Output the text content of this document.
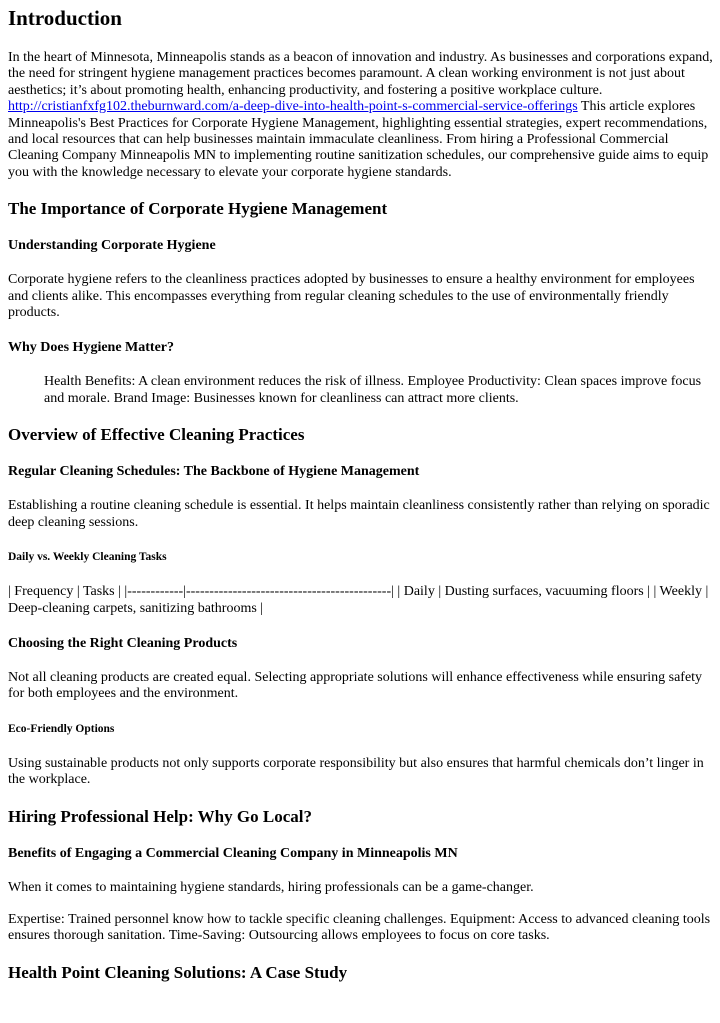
Introduction

In the heart of Minnesota, Minneapolis stands as a beacon of innovation and industry. As businesses and corporations expand, the need for stringent hygiene management practices becomes paramount. A clean working environment is not just about aesthetics; it’s about promoting health, enhancing productivity, and fostering a positive workplace culture. http://cristianfxfg102.theburnward.com/a-deep-dive-into-health-point-s-commercial-service-offerings This article explores Minneapolis's Best Practices for Corporate Hygiene Management, highlighting essential strategies, expert recommendations, and local resources that can help businesses maintain immaculate cleanliness. From hiring a Professional Commercial Cleaning Company Minneapolis MN to implementing routine sanitization schedules, our comprehensive guide aims to equip you with the knowledge necessary to elevate your corporate hygiene standards.

The Importance of Corporate Hygiene Management
Understanding Corporate Hygiene

Corporate hygiene refers to the cleanliness practices adopted by businesses to ensure a healthy environment for employees and clients alike. This encompasses everything from regular cleaning schedules to the use of environmentally friendly products.

Why Does Hygiene Matter?
Health Benefits: A clean environment reduces the risk of illness. Employee Productivity: Clean spaces improve focus and morale. Brand Image: Businesses known for cleanliness can attract more clients.
Overview of Effective Cleaning Practices
Regular Cleaning Schedules: The Backbone of Hygiene Management

Establishing a routine cleaning schedule is essential. It helps maintain cleanliness consistently rather than relying on sporadic deep cleaning sessions.

Daily vs. Weekly Cleaning Tasks

| Frequency | Tasks | |------------|--------------------------------------------| | Daily | Dusting surfaces, vacuuming floors | | Weekly | Deep-cleaning carpets, sanitizing bathrooms |

Choosing the Right Cleaning Products

Not all cleaning products are created equal. Selecting appropriate solutions will enhance effectiveness while ensuring safety for both employees and the environment.

Eco-Friendly Options

Using sustainable products not only supports corporate responsibility but also ensures that harmful chemicals don’t linger in the workplace.

Hiring Professional Help: Why Go Local?
Benefits of Engaging a Commercial Cleaning Company in Minneapolis MN

When it comes to maintaining hygiene standards, hiring professionals can be a game-changer.

Expertise: Trained personnel know how to tackle specific cleaning challenges. Equipment: Access to advanced cleaning tools ensures thorough sanitation. Time-Saving: Outsourcing allows employees to focus on core tasks.

Health Point Cleaning Solutions: A Case Study
